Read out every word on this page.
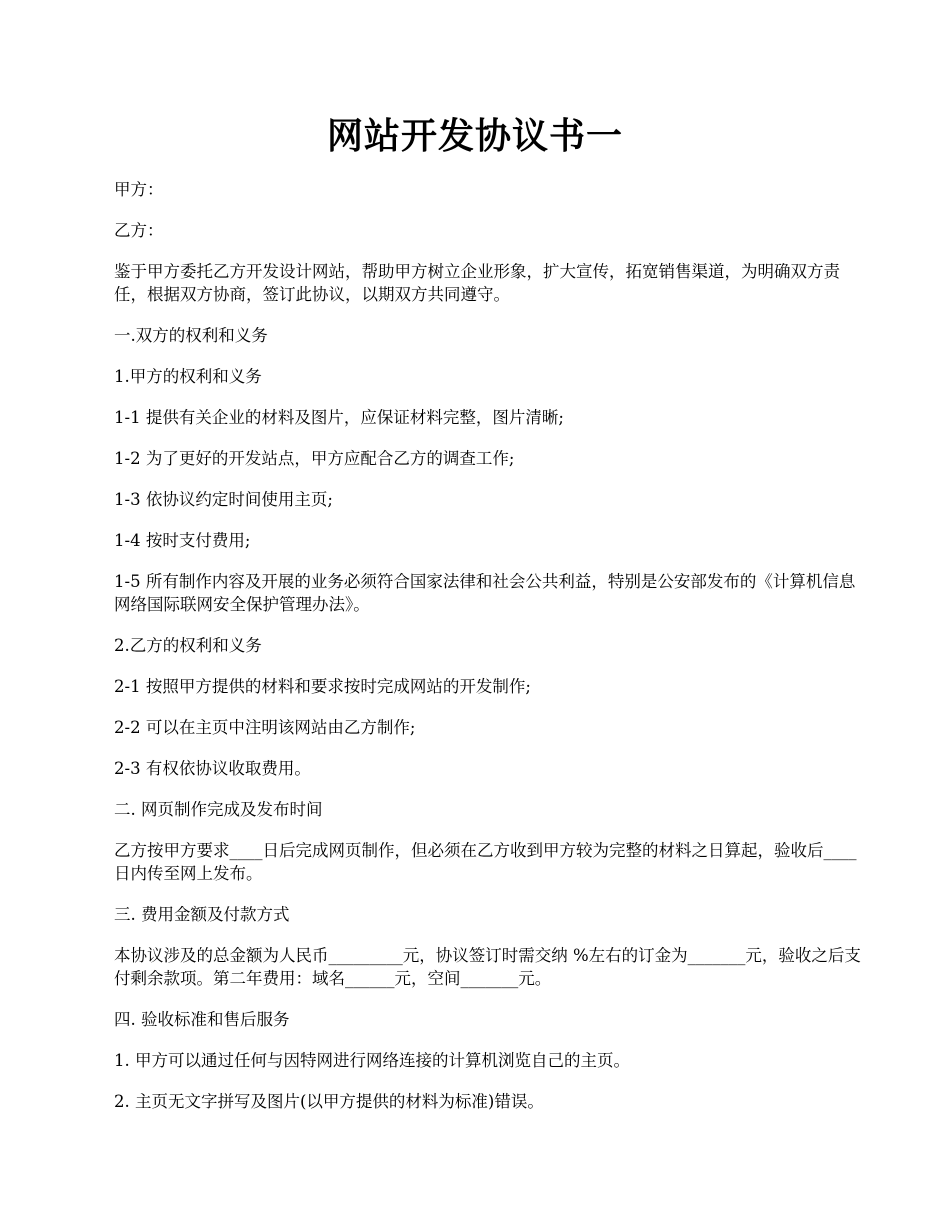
网站开发协议书一

甲方：

乙方：

鉴于甲方委托乙方开发设计网站，帮助甲方树立企业形象，扩大宣传，拓宽销售渠道，为明确双方责任，根据双方协商，签订此协议，以期双方共同遵守。

一.双方的权利和义务

1.甲方的权利和义务

1-1 提供有关企业的材料及图片，应保证材料完整，图片清晰;

1-2 为了更好的开发站点，甲方应配合乙方的调查工作;

1-3 依协议约定时间使用主页;

1-4 按时支付费用;

1-5 所有制作内容及开展的业务必须符合国家法律和社会公共利益，特别是公安部发布的《计算机信息网络国际联网安全保护管理办法》。

2.乙方的权利和义务

2-1 按照甲方提供的材料和要求按时完成网站的开发制作;

2-2 可以在主页中注明该网站由乙方制作;

2-3 有权依协议收取费用。

二. 网页制作完成及发布时间

乙方按甲方要求____日后完成网页制作，但必须在乙方收到甲方较为完整的材料之日算起，验收后____日内传至网上发布。

三. 费用金额及付款方式

本协议涉及的总金额为人民币_________元，协议签订时需交纳 %左右的订金为_______元，验收之后支付剩余款项。第二年费用：域名______元，空间_______元。

四. 验收标准和售后服务

1. 甲方可以通过任何与因特网进行网络连接的计算机浏览自己的主页。

2. 主页无文字拼写及图片(以甲方提供的材料为标准)错误。
